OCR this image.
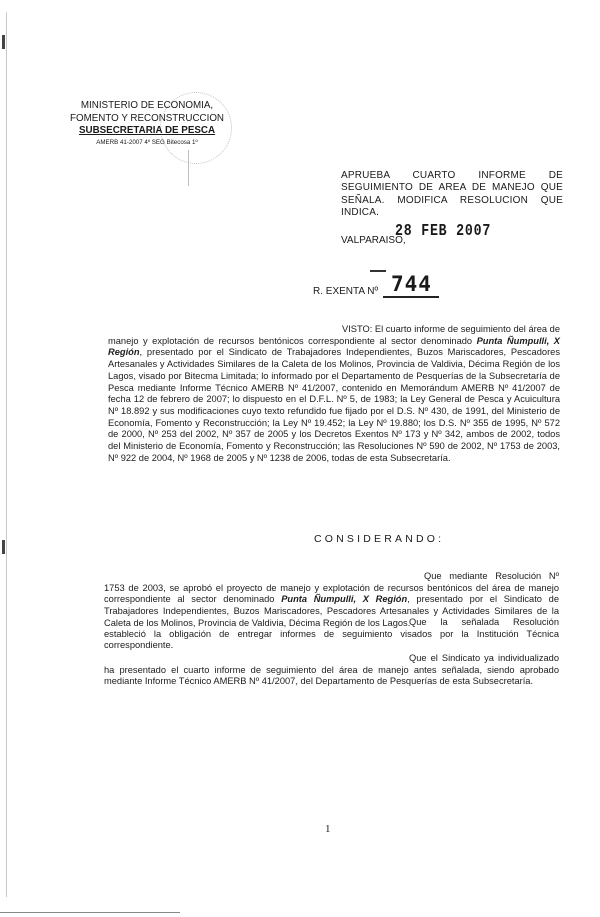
MINISTERIO DE ECONOMIA,
FOMENTO Y RECONSTRUCCION
SUBSECRETARIA DE PESCA
AMERB 41-2007 4º SEG Bitecosa 1º
APRUEBA CUARTO INFORME DE SEGUIMIENTO DE AREA DE MANEJO QUE SEÑALA. MODIFICA RESOLUCION QUE INDICA.
28 FEB 2007
VALPARAISO,
744
R. EXENTA Nº
VISTO: El cuarto informe de seguimiento del área de manejo y explotación de recursos bentónicos correspondiente al sector denominado Punta Ñumpulli, X Región, presentado por el Sindicato de Trabajadores Independientes, Buzos Mariscadores, Pescadores Artesanales y Actividades Similares de la Caleta de los Molinos, Provincia de Valdivia, Décima Región de los Lagos, visado por Bitecma Limitada; lo informado por el Departamento de Pesquerías de la Subsecretaría de Pesca mediante Informe Técnico AMERB Nº 41/2007, contenido en Memorándum AMERB Nº 41/2007 de fecha 12 de febrero de 2007; lo dispuesto en el D.F.L. Nº 5, de 1983; la Ley General de Pesca y Acuicultura Nº 18.892 y sus modificaciones cuyo texto refundido fue fijado por el D.S. Nº 430, de 1991, del Ministerio de Economía, Fomento y Reconstrucción; la Ley Nº 19.452; la Ley Nº 19.880; los D.S. Nº 355 de 1995, Nº 572 de 2000, Nº 253 del 2002, Nº 357 de 2005 y los Decretos Exentos Nº 173 y Nº 342, ambos de 2002, todos del Ministerio de Economía, Fomento y Reconstrucción; las Resoluciones Nº 590 de 2002, Nº 1753 de 2003, Nº 922 de 2004, Nº 1968 de 2005 y Nº 1238 de 2006, todas de esta Subsecretaría.
CONSIDERANDO:
Que mediante Resolución Nº 1753 de 2003, se aprobó el proyecto de manejo y explotación de recursos bentónicos del área de manejo correspondiente al sector denominado Punta Ñumpulli, X Región, presentado por el Sindicato de Trabajadores Independientes, Buzos Mariscadores, Pescadores Artesanales y Actividades Similares de la Caleta de los Molinos, Provincia de Valdivia, Décima Región de los Lagos.
Que la señalada Resolución estableció la obligación de entregar informes de seguimiento visados por la Institución Técnica correspondiente.
Que el Sindicato ya individualizado ha presentado el cuarto informe de seguimiento del área de manejo antes señalada, siendo aprobado mediante Informe Técnico AMERB Nº 41/2007, del Departamento de Pesquerías de esta Subsecretaría.
1
